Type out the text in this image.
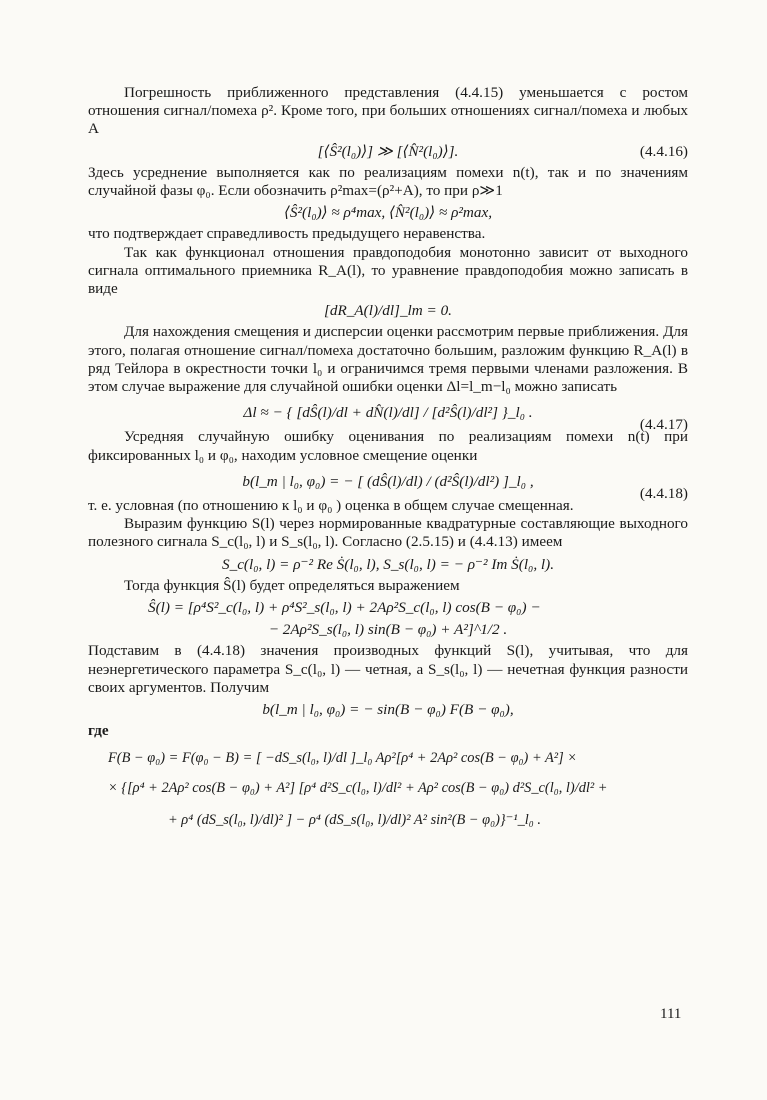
Погрешность приближенного представления (4.4.15) уменьшается с ростом отношения сигнал/помеха ρ². Кроме того, при больших отношениях сигнал/помеха и любых A

[⟨Ŝ²(l₀)⟩] ≫ [⟨N̂²(l₀)⟩].	(4.4.16)

Здесь усреднение выполняется как по реализациям помехи n(t), так и по значениям случайной фазы φ₀. Если обозначить ρ²max=(ρ²+A), то при ρ≫1

⟨Ŝ²(l₀)⟩ ≈ ρ⁴max, ⟨N̂²(l₀)⟩ ≈ ρ²max,

что подтверждает справедливость предыдущего неравенства.

Так как функционал отношения правдоподобия монотонно зависит от выходного сигнала оптимального приемника R_A(l), то уравнение правдоподобия можно записать в виде

[dR_A(l)/dl]_lm = 0.

Для нахождения смещения и дисперсии оценки рассмотрим первые приближения. Для этого, полагая отношение сигнал/помеха достаточно большим, разложим функцию R_A(l) в ряд Тейлора в окрестности точки l₀ и ограничимся тремя первыми членами разложения. В этом случае выражение для случайной ошибки оценки Δl=l_m−l₀ можно записать

Δl ≈ − { [dŜ(l)/dl + dN̂(l)/dl] / [d²Ŝ(l)/dl²] }_l₀ .
(4.4.17)

Усредняя случайную ошибку оценивания по реализациям помехи n(t) при фиксированных l₀ и φ₀, находим условное смещение оценки

b(l_m | l₀, φ₀) = − [ (dŜ(l)/dl) / (d²Ŝ(l)/dl²) ]_l₀ ,
(4.4.18)

т. е. условная (по отношению к l₀ и φ₀ ) оценка в общем случае смещенная.

Выразим функцию S(l) через нормированные квадратурные составляющие выходного полезного сигнала S_c(l₀, l) и S_s(l₀, l). Согласно (2.5.15) и (4.4.13) имеем

S_c(l₀, l) = ρ⁻² Re Ṡ(l₀, l), S_s(l₀, l) = − ρ⁻² Im Ṡ(l₀, l).

Тогда функция Ŝ(l) будет определяться выражением

Ŝ(l) = [ρ⁴S²_c(l₀, l) + ρ⁴S²_s(l₀, l) + 2Aρ²S_c(l₀, l) cos(B − φ₀) −
− 2Aρ²S_s(l₀, l) sin(B − φ₀) + A²]^1/2 .

Подставим в (4.4.18) значения производных функций S(l), учитывая, что для неэнергетического параметра S_c(l₀, l) — четная, а S_s(l₀, l) — нечетная функция разности своих аргументов. Получим

b(l_m | l₀, φ₀) = − sin(B − φ₀) F(B − φ₀),

где

F(B − φ₀) = F(φ₀ − B) = [ −dS_s(l₀, l)/dl ]_l₀ Aρ²[ρ⁴ + 2Aρ² cos(B − φ₀) + A²] ×
× {[ρ⁴ + 2Aρ² cos(B − φ₀) + A²] [ρ⁴ d²S_c(l₀, l)/dl² + Aρ² cos(B − φ₀) d²S_c(l₀, l)/dl² +
+ ρ⁴ (dS_s(l₀, l)/dl)² ] − ρ⁴ (dS_s(l₀, l)/dl)² A² sin²(B − φ₀)}⁻¹_l₀ .
111
